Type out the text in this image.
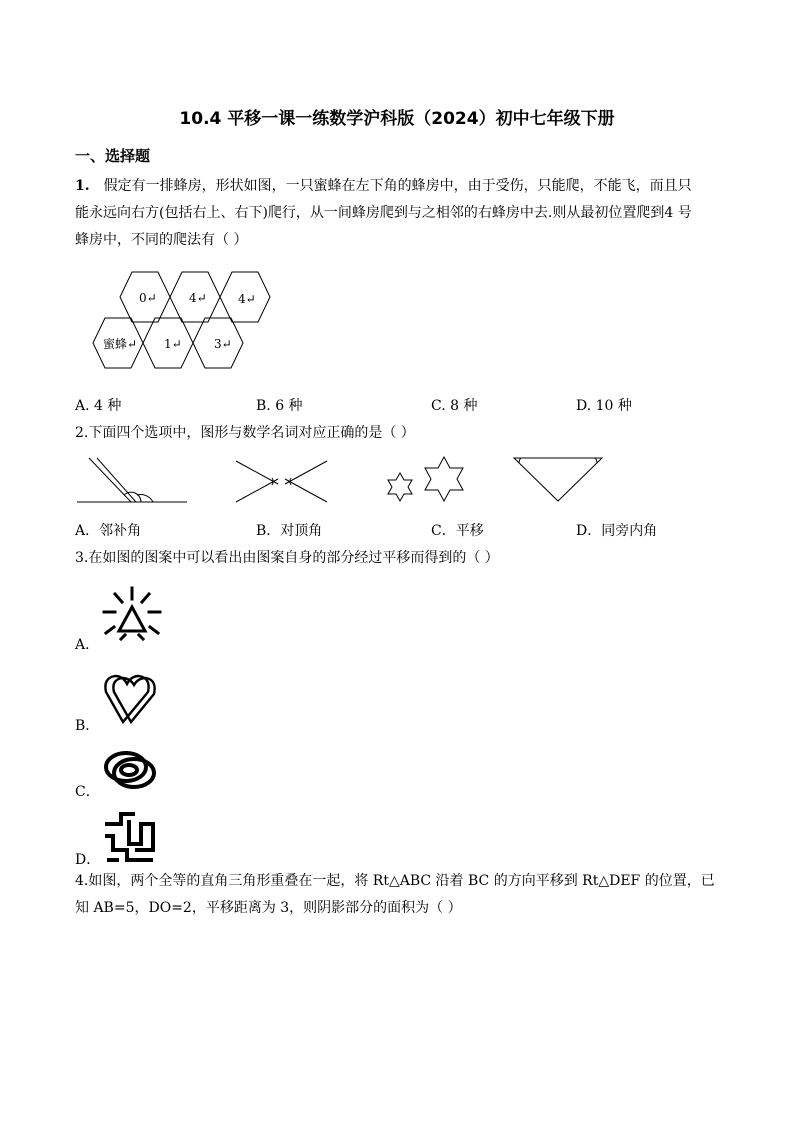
10.4 平移一课一练数学沪科版（2024）初中七年级下册
一、选择题
1. 假定有一排蜂房，形状如图，一只蜜蜂在左下角的蜂房中，由于受伤，只能爬，不能飞，而且只
能永远向右方(包括右上、右下)爬行，从一间蜂房爬到与之相邻的右蜂房中去.则从最初位置爬到4 号
蜂房中，不同的爬法有（ ）
0↵	4↵
蜜蜂↵ 1↵	3↵
4↵
A. 4 种	B. 6 种	C. 8 种	D. 10 种
2.下面四个选项中，图形与数学名词对应正确的是（ ）
A．邻补角	B．对顶角	C．平移	D．同旁内角
3.在如图的图案中可以看出由图案自身的部分经过平移而得到的（ ）
A．
B．
C．
D．
4.如图，两个全等的直角三角形重叠在一起，将 Rt△ABC 沿着 BC 的方向平移到 Rt△DEF 的位置，已
知 AB=5，DO=2，平移距离为 3，则阴影部分的面积为（ ）
